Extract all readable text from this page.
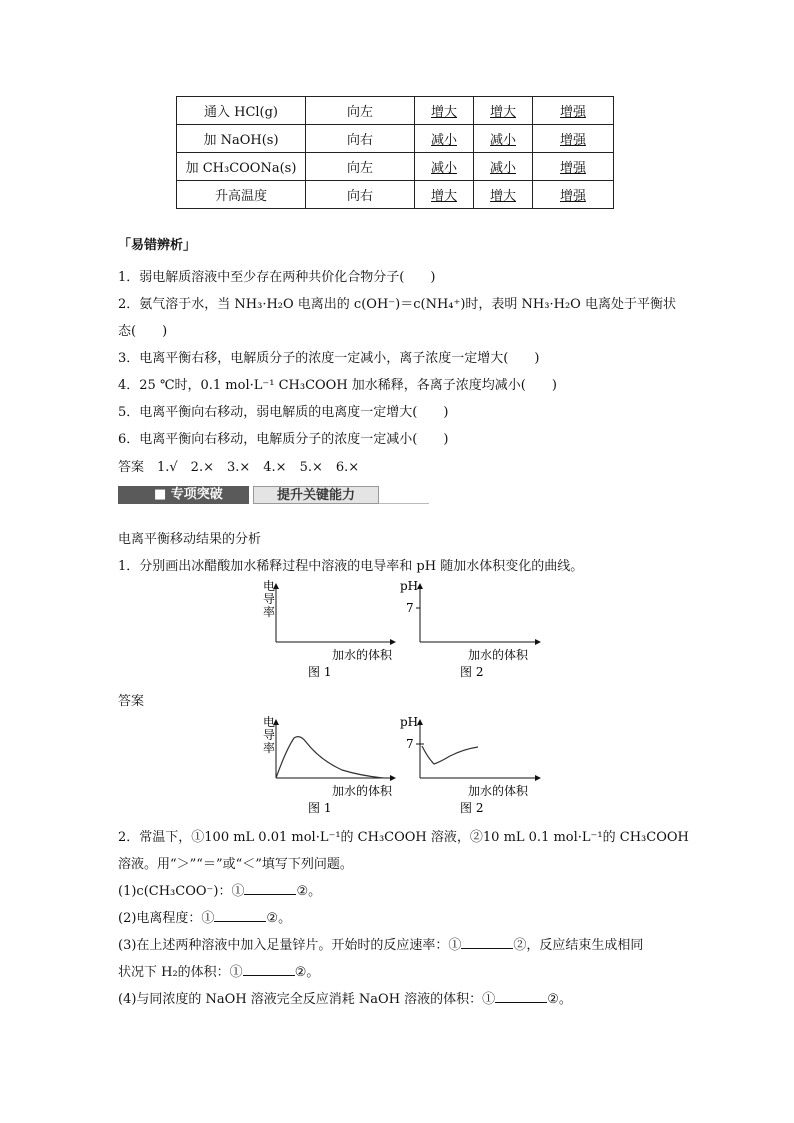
通入 HCl(g)	向左	增大	增大	增强
加 NaOH(s)	向右	减小	减小	增强
加 CH₃COONa(s)	向左	减小	减小	增强
升高温度	向右	增大	增大	增强
「易错辨析」
1．弱电解质溶液中至少存在两种共价化合物分子(　　)
2．氨气溶于水，当 NH₃·H₂O 电离出的 c(OH⁻)＝c(NH₄⁺)时，表明 NH₃·H₂O 电离处于平衡状
态(　　)
3．电离平衡右移，电解质分子的浓度一定减小，离子浓度一定增大(　　)
4．25 ℃时，0.1 mol·L⁻¹ CH₃COOH 加水稀释，各离子浓度均减小(　　)
5．电离平衡向右移动，弱电解质的电离度一定增大(　　)
6．电离平衡向右移动，电解质分子的浓度一定减小(　　)
答案　1.√　2.×　3.×　4.×　5.×　6.×
■ 专项突破	提升关键能力
电离平衡移动结果的分析
1．分别画出冰醋酸加水稀释过程中溶液的电导率和 pH 随加水体积变化的曲线。
电
导
率
加水的体积
图 1
pH
7
加水的体积
图 2
答案
电
导
率
加水的体积
图 1
pH
7
加水的体积
图 2
2．常温下，①100 mL 0.01 mol·L⁻¹的 CH₃COOH 溶液，②10 mL 0.1 mol·L⁻¹的 CH₃COOH
溶液。用“＞”“＝”或“＜”填写下列问题。
(1)c(CH₃COO⁻)：①	②。
(2)电离程度：①	②。
(3)在上述两种溶液中加入足量锌片。开始时的反应速率：①	②，反应结束生成相同
状况下 H₂的体积：①	②。
(4)与同浓度的 NaOH 溶液完全反应消耗 NaOH 溶液的体积：①	②。
